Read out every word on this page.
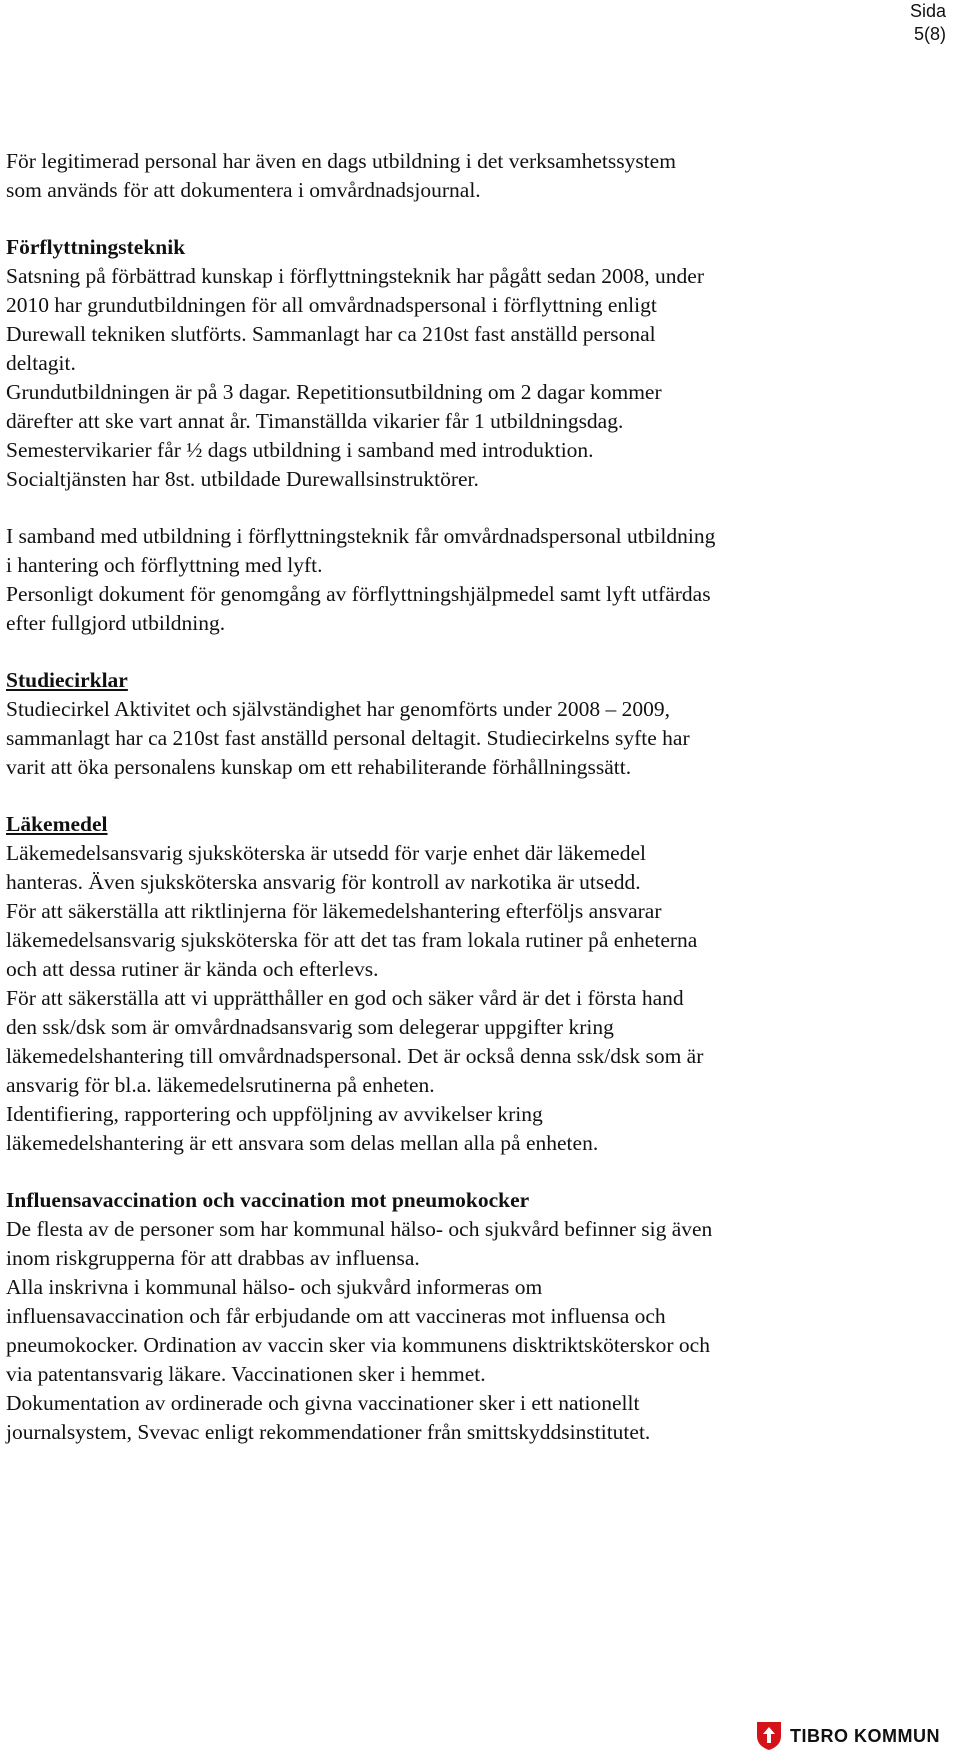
Sida
5(8)

För legitimerad personal har även en dags utbildning i det verksamhetssystem

som används för att dokumentera i omvårdnadsjournal.

Förflyttningsteknik

Satsning på förbättrad kunskap i förflyttningsteknik har pågått sedan 2008, under

2010 har grundutbildningen för all omvårdnadspersonal i förflyttning enligt

Durewall tekniken slutförts. Sammanlagt har ca 210st fast anställd personal

deltagit.

Grundutbildningen är på 3 dagar. Repetitionsutbildning om 2 dagar kommer

därefter att ske vart annat år. Timanställda vikarier får 1 utbildningsdag.

Semestervikarier får ½ dags utbildning i samband med introduktion.

Socialtjänsten har 8st. utbildade Durewallsinstruktörer.

I samband med utbildning i förflyttningsteknik får omvårdnadspersonal utbildning

i hantering och förflyttning med lyft.

Personligt dokument för genomgång av förflyttningshjälpmedel samt lyft utfärdas

efter fullgjord utbildning.

Studiecirklar

Studiecirkel Aktivitet och självständighet har genomförts under 2008 – 2009,

sammanlagt har ca 210st fast anställd personal deltagit. Studiecirkelns syfte har

varit att öka personalens kunskap om ett rehabiliterande förhållningssätt.

Läkemedel

Läkemedelsansvarig sjuksköterska är utsedd för varje enhet där läkemedel

hanteras. Även sjuksköterska ansvarig för kontroll av narkotika är utsedd.

För att säkerställa att riktlinjerna för läkemedelshantering efterföljs ansvarar

läkemedelsansvarig sjuksköterska för att det tas fram lokala rutiner på enheterna

och att dessa rutiner är kända och efterlevs.

För att säkerställa att vi upprätthåller en god och säker vård är det i första hand

den ssk/dsk som är omvårdnadsansvarig som delegerar uppgifter kring

läkemedelshantering till omvårdnadspersonal. Det är också denna ssk/dsk som är

ansvarig för bl.a. läkemedelsrutinerna på enheten.

Identifiering, rapportering och uppföljning av avvikelser kring

läkemedelshantering är ett ansvara som delas mellan alla på enheten.

Influensavaccination och vaccination mot pneumokocker

De flesta av de personer som har kommunal hälso- och sjukvård befinner sig även

inom riskgrupperna för att drabbas av influensa.

Alla inskrivna i kommunal hälso- och sjukvård informeras om

influensavaccination och får erbjudande om att vaccineras mot influensa och

pneumokocker. Ordination av vaccin sker via kommunens disktriktsköterskor och

via patentansvarig läkare. Vaccinationen sker i hemmet.

Dokumentation av ordinerade och givna vaccinationer sker i ett nationellt

journalsystem, Svevac enligt rekommendationer från smittskyddsinstitutet.

TIBRO KOMMUN
